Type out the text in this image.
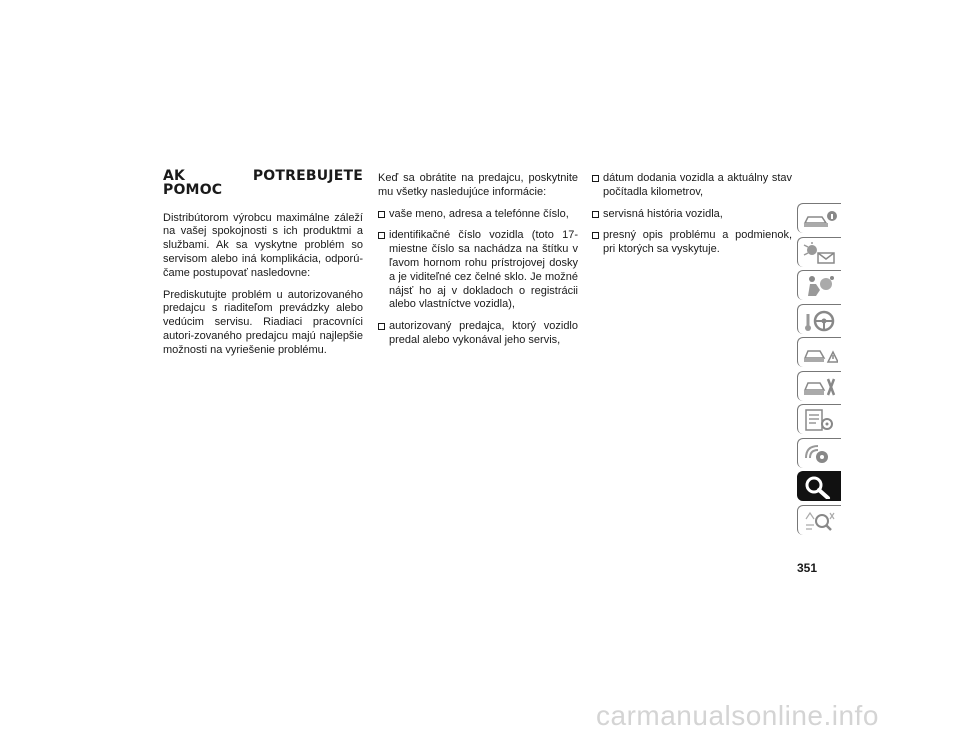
AK POTREBUJETE POMOC

Distribútorom výrobcu maximálne záleží na vašej spokojnosti s ich produktmi a službami. Ak sa vyskytne problém so servisom alebo iná komplikácia, odporú-čame postupovať nasledovne:

Prediskutujte problém u autorizovaného predajcu s riaditeľom prevádzky alebo vedúcim servisu. Riadiaci pracovníci autori-zovaného predajcu majú najlepšie možnosti na vyriešenie problému.

Keď sa obrátite na predajcu, poskytnite mu všetky nasledujúce informácie:

vaše meno, adresa a telefónne číslo,
identifikačné číslo vozidla (toto 17-miestne číslo sa nachádza na štítku v ľavom hornom rohu prístrojovej dosky a je viditeľné cez čelné sklo. Je možné nájsť ho aj v dokladoch o registrácii alebo vlastníctve vozidla),
autorizovaný predajca, ktorý vozidlo predal alebo vykonával jeho servis,
dátum dodania vozidla a aktuálny stav počítadla kilometrov,
servisná história vozidla,
presný opis problému a podmienok, pri ktorých sa vyskytuje.
351
carmanualsonline.info
